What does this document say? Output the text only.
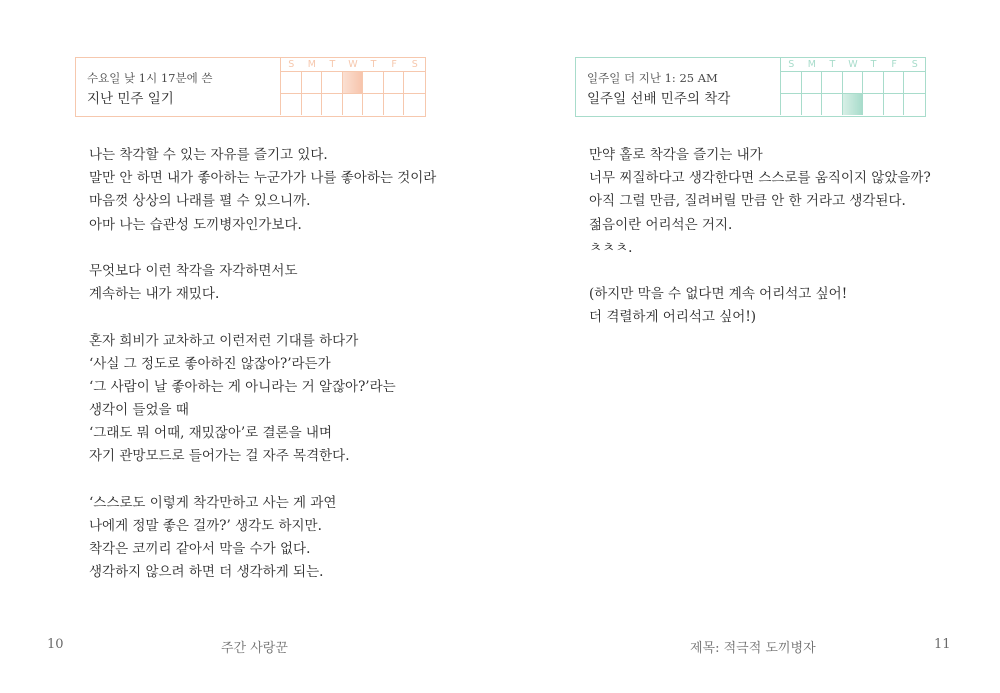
수요일 낮 1시 17분에 쓴
지난 민주 일기
S	M	T	W	T	F	S
나는 착각할 수 있는 자유를 즐기고 있다.
말만 안 하면 내가 좋아하는 누군가가 나를 좋아하는 것이라
마음껏 상상의 나래를 펼 수 있으니까.
아마 나는 습관성 도끼병자인가보다.
무엇보다 이런 착각을 자각하면서도
계속하는 내가 재밌다.
혼자 희비가 교차하고 이런저런 기대를 하다가
‘사실 그 정도로 좋아하진 않잖아?’라든가
‘그 사람이 날 좋아하는 게 아니라는 거 알잖아?’라는
생각이 들었을 때
‘그래도 뭐 어때, 재밌잖아’로 결론을 내며
자기 관망모드로 들어가는 걸 자주 목격한다.
‘스스로도 이렇게 착각만하고 사는 게 과연
나에게 정말 좋은 걸까?’ 생각도 하지만.
착각은 코끼리 같아서 막을 수가 없다.
생각하지 않으려 하면 더 생각하게 되는.
10	주간 사랑꾼
일주일 더 지난 1: 25 AM
일주일 선배 민주의 착각
S	M	T	W	T	F	S
만약 홀로 착각을 즐기는 내가
너무 찌질하다고 생각한다면 스스로를 움직이지 않았을까?
아직 그럴 만큼, 질려버릴 만큼 안 한 거라고 생각된다.
젊음이란 어리석은 거지.
ㅊㅊㅊ.
(하지만 막을 수 없다면 계속 어리석고 싶어!
더 격렬하게 어리석고 싶어!)
제목: 적극적 도끼병자	11
